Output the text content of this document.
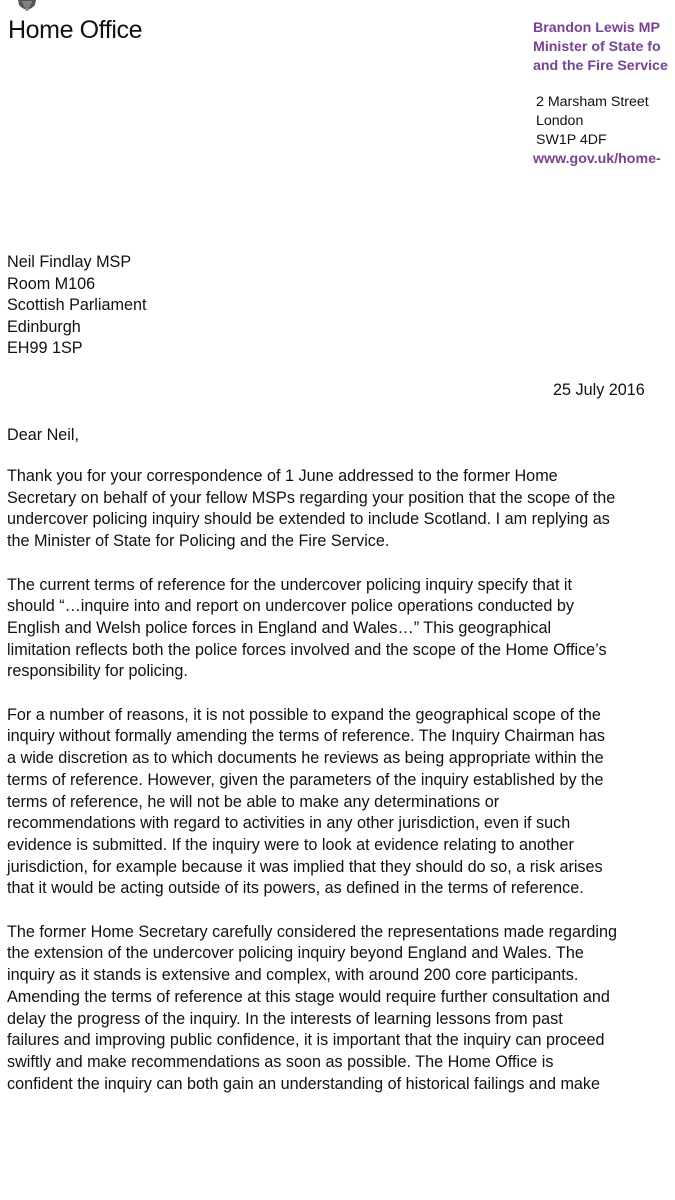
Home Office	Brandon Lewis MP
Minister of State fo
and the Fire Service
2 Marsham Street
London
SW1P 4DF
www.gov.uk/home-
Neil Findlay MSP
Room M106
Scottish Parliament
Edinburgh
EH99 1SP
25 July 2016
Dear Neil,
Thank you for your correspondence of 1 June addressed to the former Home
Secretary on behalf of your fellow MSPs regarding your position that the scope of the
undercover policing inquiry should be extended to include Scotland. I am replying as
the Minister of State for Policing and the Fire Service.
The current terms of reference for the undercover policing inquiry specify that it
should “…inquire into and report on undercover police operations conducted by
English and Welsh police forces in England and Wales…” This geographical
limitation reflects both the police forces involved and the scope of the Home Office’s
responsibility for policing.
For a number of reasons, it is not possible to expand the geographical scope of the
inquiry without formally amending the terms of reference. The Inquiry Chairman has
a wide discretion as to which documents he reviews as being appropriate within the
terms of reference. However, given the parameters of the inquiry established by the
terms of reference, he will not be able to make any determinations or
recommendations with regard to activities in any other jurisdiction, even if such
evidence is submitted. If the inquiry were to look at evidence relating to another
jurisdiction, for example because it was implied that they should do so, a risk arises
that it would be acting outside of its powers, as defined in the terms of reference.
The former Home Secretary carefully considered the representations made regarding
the extension of the undercover policing inquiry beyond England and Wales. The
inquiry as it stands is extensive and complex, with around 200 core participants.
Amending the terms of reference at this stage would require further consultation and
delay the progress of the inquiry. In the interests of learning lessons from past
failures and improving public confidence, it is important that the inquiry can proceed
swiftly and make recommendations as soon as possible. The Home Office is
confident the inquiry can both gain an understanding of historical failings and make
